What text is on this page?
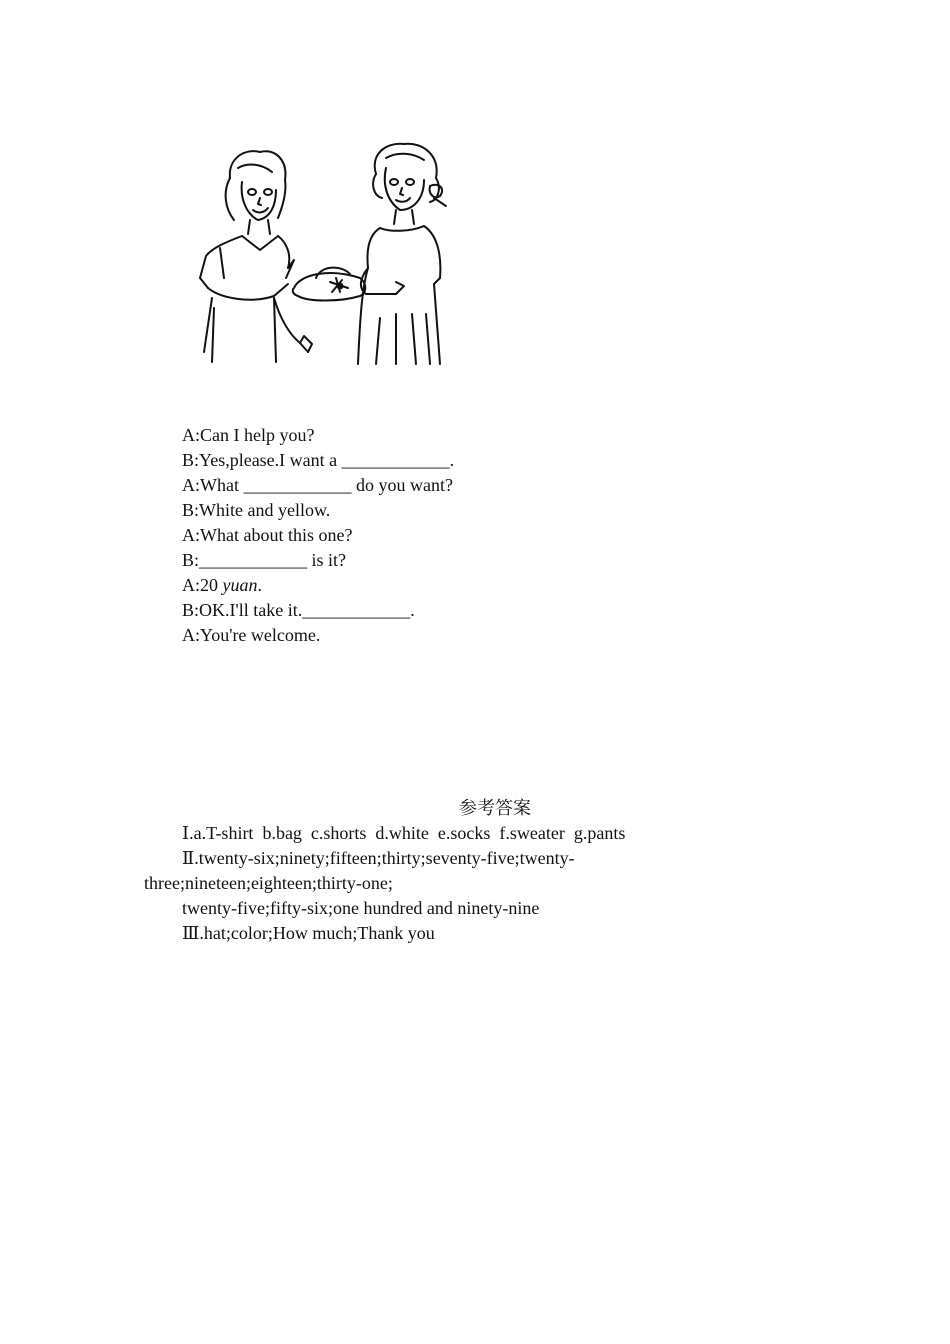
A:Can I help you?
B:Yes,please.I want a ____________.
A:What ____________ do you want?
B:White and yellow.
A:What about this one?
B:____________ is it?
A:20 yuan.
B:OK.I'll take it.____________.
A:You're welcome.
参考答案
Ⅰ.a.T-shirt  b.bag  c.shorts  d.white  e.socks  f.sweater  g.pants
Ⅱ.twenty-six;ninety;fifteen;thirty;seventy-five;twenty-
three;nineteen;eighteen;thirty-one;
twenty-five;fifty-six;one hundred and ninety-nine
Ⅲ.hat;color;How much;Thank you
